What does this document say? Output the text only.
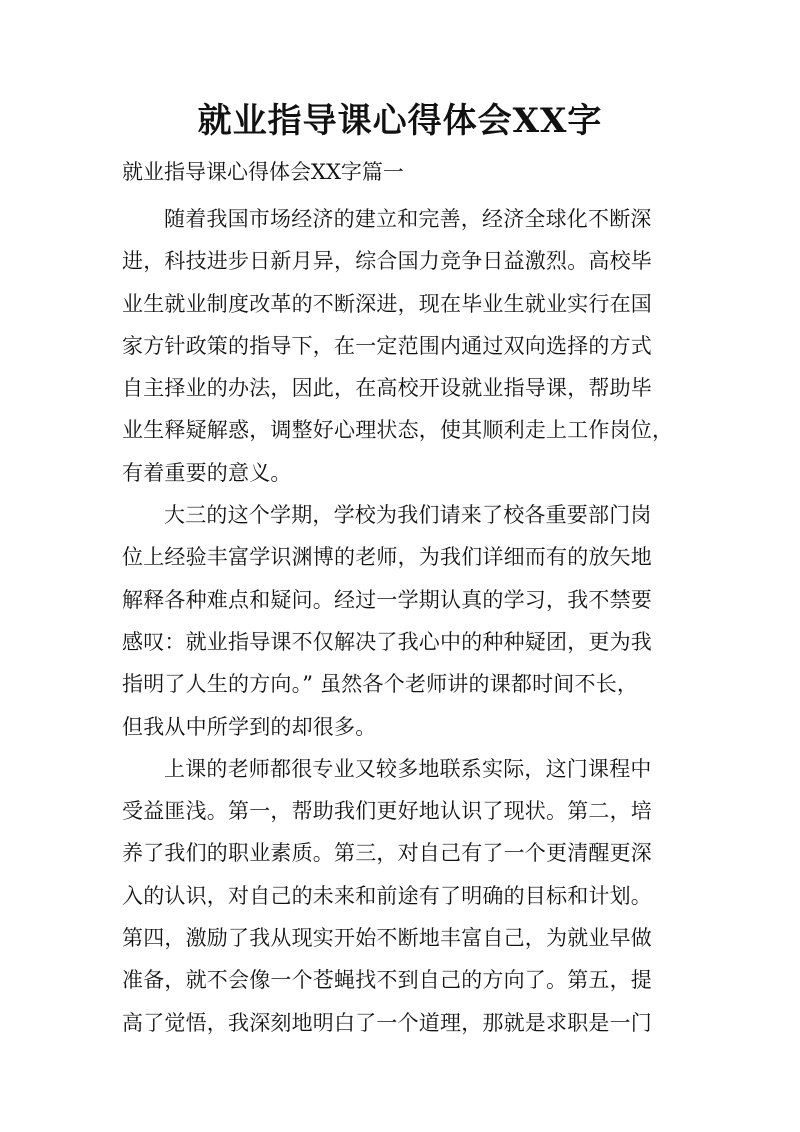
就业指导课心得体会XX字
就业指导课心得体会XX字篇一
随着我国市场经济的建立和完善，经济全球化不断深
进，科技进步日新月异，综合国力竞争日益激烈。高校毕
业生就业制度改革的不断深进，现在毕业生就业实行在国
家方针政策的指导下，在一定范围内通过双向选择的方式
自主择业的办法，因此，在高校开设就业指导课，帮助毕
业生释疑解惑，调整好心理状态，使其顺利走上工作岗位，
有着重要的意义。
大三的这个学期，学校为我们请来了校各重要部门岗
位上经验丰富学识渊博的老师，为我们详细而有的放矢地
解释各种难点和疑问。经过一学期认真的学习，我不禁要
感叹：就业指导课不仅解决了我心中的种种疑团，更为我
指明了人生的方向。” 虽然各个老师讲的课都时间不长，
但我从中所学到的却很多。
上课的老师都很专业又较多地联系实际，这门课程中
受益匪浅。第一，帮助我们更好地认识了现状。第二，培
养了我们的职业素质。第三，对自己有了一个更清醒更深
入的认识，对自己的未来和前途有了明确的目标和计划。
第四，激励了我从现实开始不断地丰富自己，为就业早做
准备，就不会像一个苍蝇找不到自己的方向了。第五，提
高了觉悟，我深刻地明白了一个道理，那就是求职是一门
